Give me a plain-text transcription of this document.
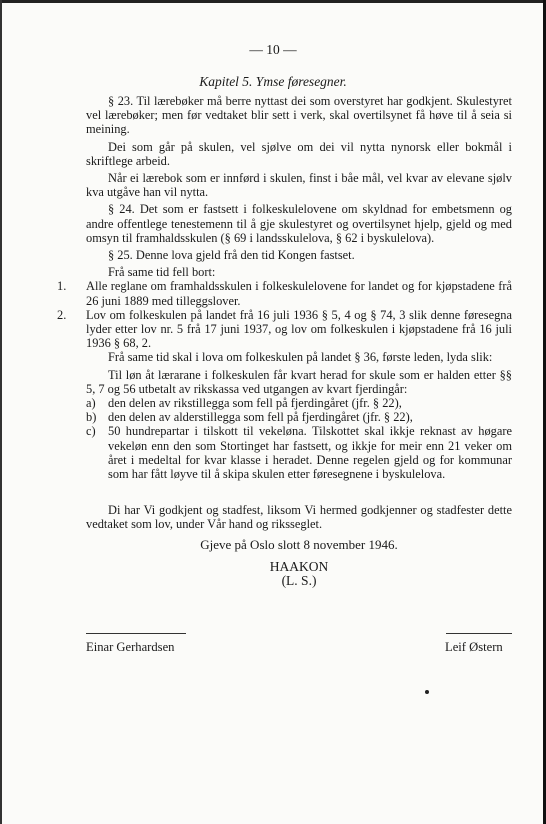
— 10 —
Kapitel 5. Ymse føresegner.

§ 23. Til lærebøker må berre nyttast dei som overstyret har godkjent. Skulestyret vel lærebøker; men før vedtaket blir sett i verk, skal overtilsynet få høve til å seia si meining.

Dei som går på skulen, vel sjølve om dei vil nytta nynorsk eller bokmål i skriftlege arbeid.

Når ei lærebok som er innførd i skulen, finst i båe mål, vel kvar av elevane sjølv kva utgåve han vil nytta.

§ 24. Det som er fastsett i folkeskulelovene om skyldnad for embetsmenn og andre offentlege tenestemenn til å gje skulestyret og overtilsynet hjelp, gjeld og med omsyn til framhaldsskulen (§ 69 i landsskulelova, § 62 i byskulelova).

§ 25. Denne lova gjeld frå den tid Kongen fastset.

Frå same tid fell bort:

1. Alle reglane om framhaldsskulen i folkeskulelovene for landet og for kjøpstadene frå 26 juni 1889 med tilleggslover.
2. Lov om folkeskulen på landet frå 16 juli 1936 § 5, 4 og § 74, 3 slik denne føresegna lyder etter lov nr. 5 frå 17 juni 1937, og lov om folkeskulen i kjøpstadene frå 16 juli 1936 § 68, 2.

Frå same tid skal i lova om folkeskulen på landet § 36, første leden, lyda slik:

Til løn åt lærarane i folkeskulen får kvart herad for skule som er halden etter §§ 5, 7 og 56 utbetalt av rikskassa ved utgangen av kvart fjerdingår:

a) den delen av rikstillegga som fell på fjerdingåret (jfr. § 22),
b) den delen av alderstillegga som fell på fjerdingåret (jfr. § 22),
c) 50 hundrepartar i tilskott til vekeløna. Tilskottet skal ikkje reknast av høgare vekeløn enn den som Stortinget har fastsett, og ikkje for meir enn 21 veker om året i medeltal for kvar klasse i heradet. Denne regelen gjeld og for kommunar som har fått løyve til å skipa skulen etter føresegnene i byskulelova.

Di har Vi godkjent og stadfest, liksom Vi hermed godkjenner og stadfester dette vedtaket som lov, under Vår hand og riksseglet.

Gjeve på Oslo slott 8 november 1946.
HAAKON
(L. S.)
Einar Gerhardsen	Leif Østern
